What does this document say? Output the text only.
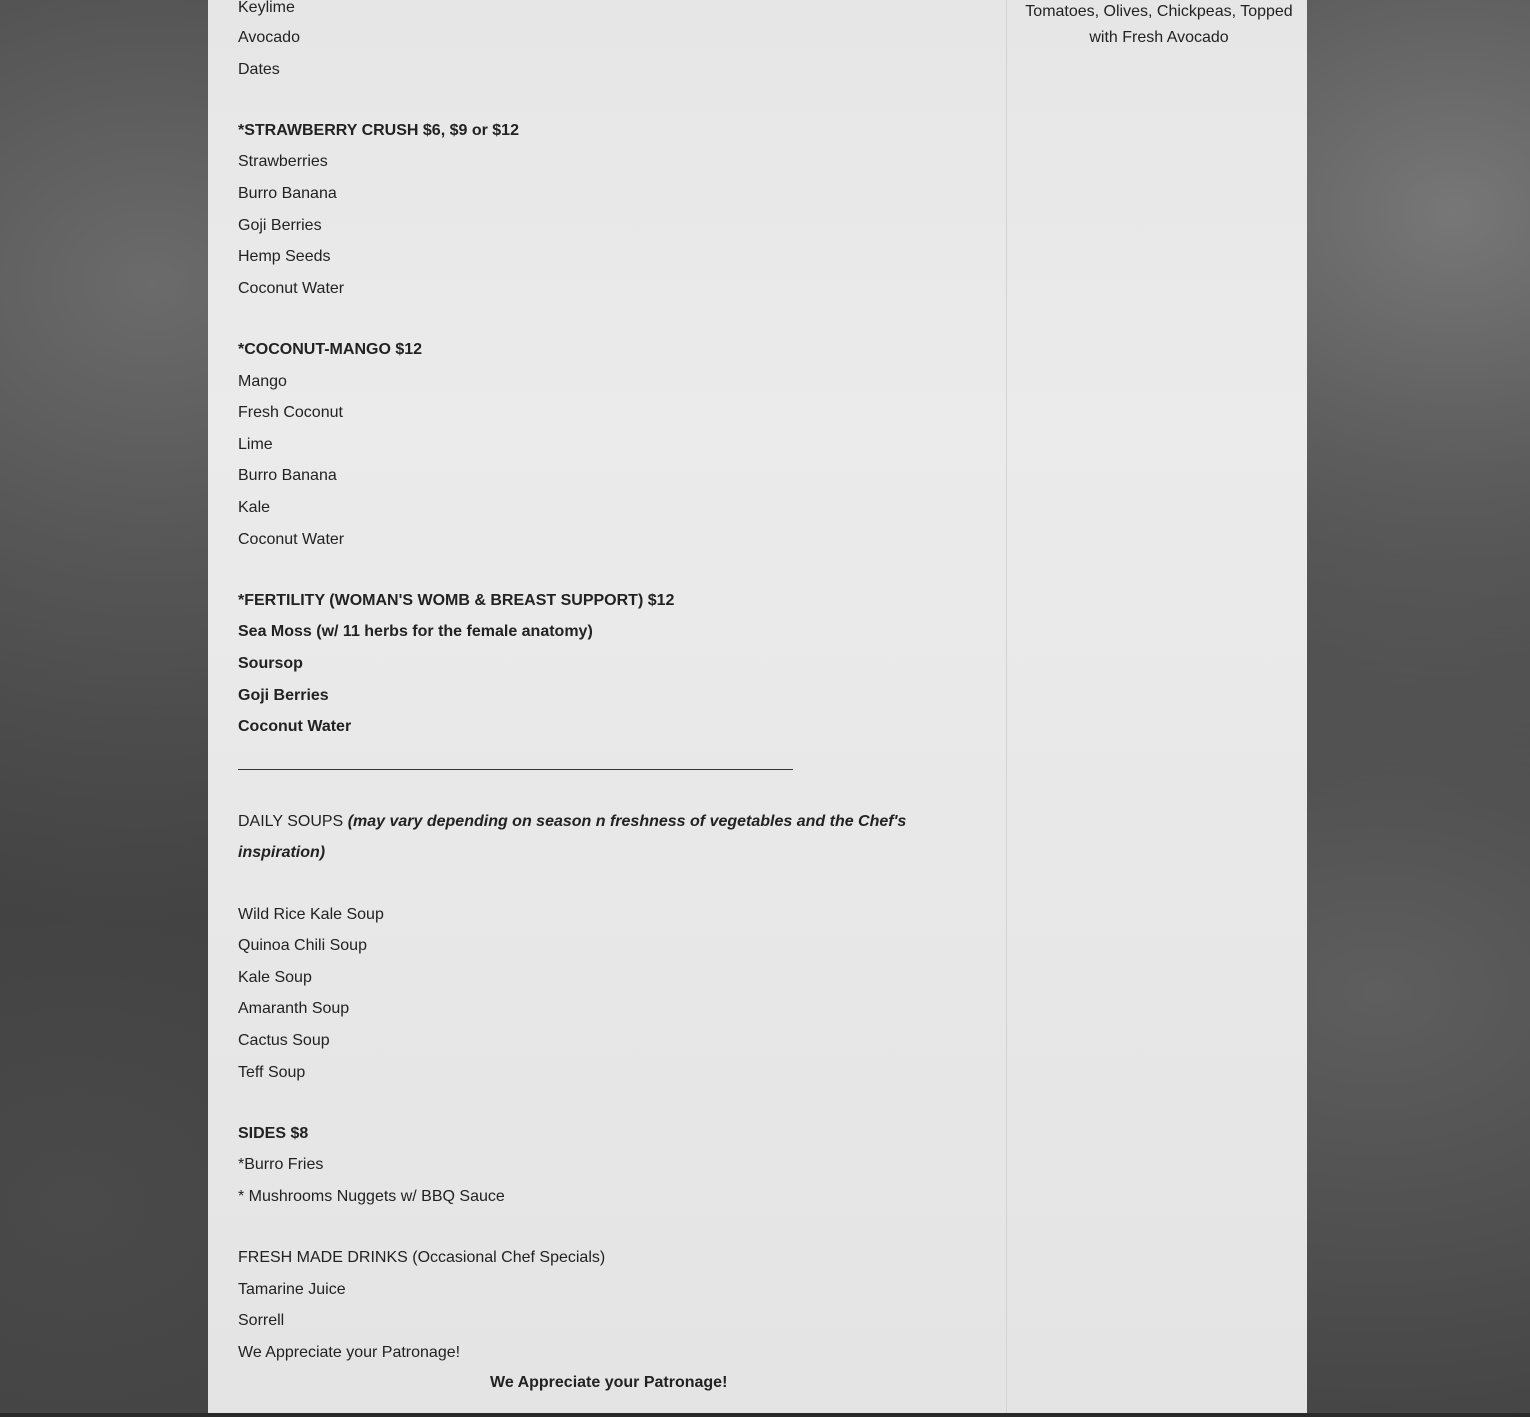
Keylime
Avocado
Dates
*STRAWBERRY CRUSH $6, $9 or $12
Strawberries
Burro Banana
Goji Berries
Hemp Seeds
Coconut Water
*COCONUT-MANGO $12
Mango
Fresh Coconut
Lime
Burro Banana
Kale
Coconut Water
*FERTILITY (WOMAN'S WOMB & BREAST SUPPORT) $12
Sea Moss (w/ 11 herbs for the female anatomy)
Soursop
Goji Berries
Coconut Water
DAILY SOUPS (may vary depending on season n freshness of vegetables and the Chef's
inspiration)
Wild Rice Kale Soup
Quinoa Chili Soup
Kale Soup
Amaranth Soup
Cactus Soup
Teff Soup
SIDES $8
*Burro Fries
* Mushrooms Nuggets w/ BBQ Sauce
FRESH MADE DRINKS (Occasional Chef Specials)
Tamarine Juice
Sorrell
We Appreciate your Patronage!
We Appreciate your Patronage!
Tomatoes, Olives, Chickpeas, Topped
with Fresh Avocado
